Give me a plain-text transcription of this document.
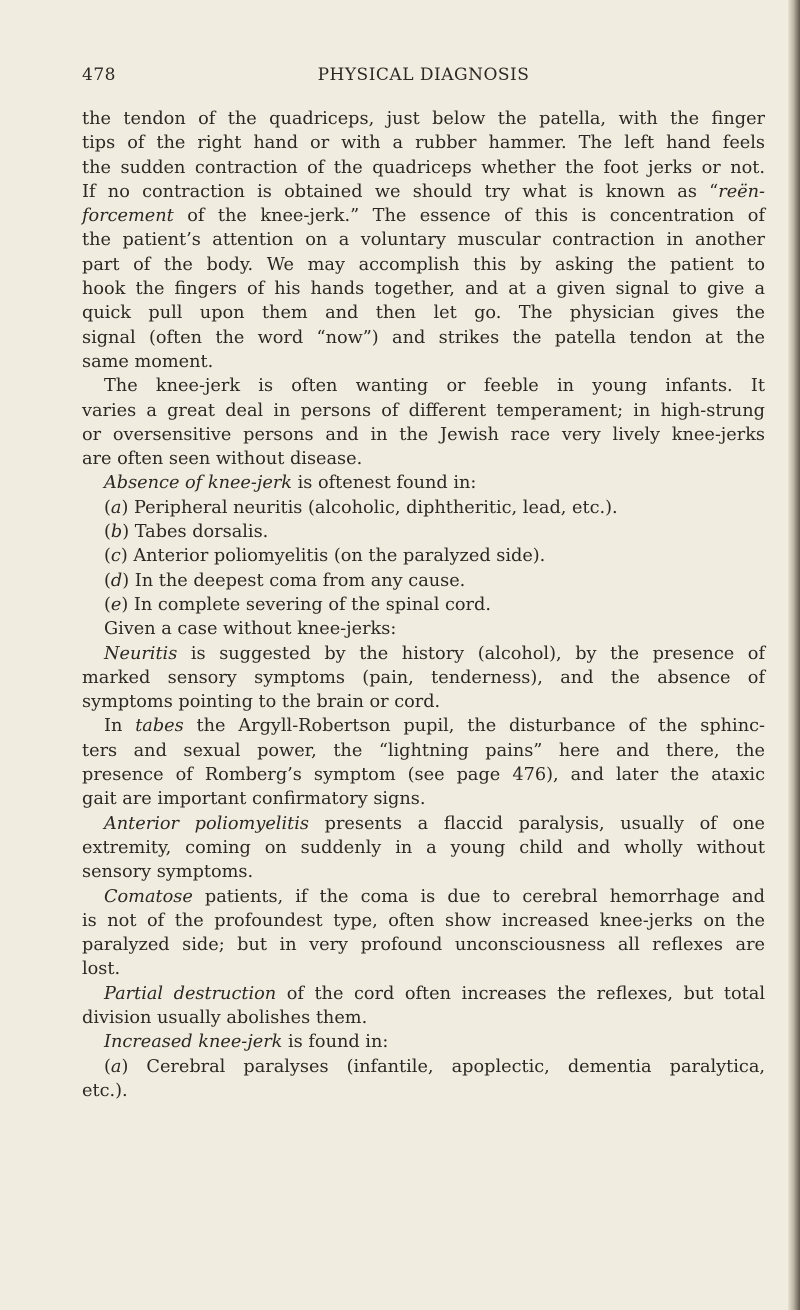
478	PHYSICAL DIAGNOSIS
the tendon of the quadriceps, just below the patella, with the finger
tips of the right hand or with a rubber hammer. The left hand feels
the sudden contraction of the quadriceps whether the foot jerks or not.
If no contraction is obtained we should try what is known as “reën-
forcement of the knee-jerk.” The essence of this is concentration of
the patient’s attention on a voluntary muscular contraction in another
part of the body. We may accomplish this by asking the patient to
hook the fingers of his hands together, and at a given signal to give a
quick pull upon them and then let go. The physician gives the
signal (often the word “now”) and strikes the patella tendon at the
same moment.
The knee-jerk is often wanting or feeble in young infants. It
varies a great deal in persons of different temperament; in high-strung
or oversensitive persons and in the Jewish race very lively knee-jerks
are often seen without disease.
Absence of knee-jerk is oftenest found in:
(a) Peripheral neuritis (alcoholic, diphtheritic, lead, etc.).
(b) Tabes dorsalis.
(c) Anterior poliomyelitis (on the paralyzed side).
(d) In the deepest coma from any cause.
(e) In complete severing of the spinal cord.
Given a case without knee-jerks:
Neuritis is suggested by the history (alcohol), by the presence of
marked sensory symptoms (pain, tenderness), and the absence of
symptoms pointing to the brain or cord.
In tabes the Argyll-Robertson pupil, the disturbance of the sphinc-
ters and sexual power, the “lightning pains” here and there, the
presence of Romberg’s symptom (see page 476), and later the ataxic
gait are important confirmatory signs.
Anterior poliomyelitis presents a flaccid paralysis, usually of one
extremity, coming on suddenly in a young child and wholly without
sensory symptoms.
Comatose patients, if the coma is due to cerebral hemorrhage and
is not of the profoundest type, often show increased knee-jerks on the
paralyzed side; but in very profound unconsciousness all reflexes are
lost.
Partial destruction of the cord often increases the reflexes, but total
division usually abolishes them.
Increased knee-jerk is found in:
(a) Cerebral paralyses (infantile, apoplectic, dementia paralytica,
etc.).
